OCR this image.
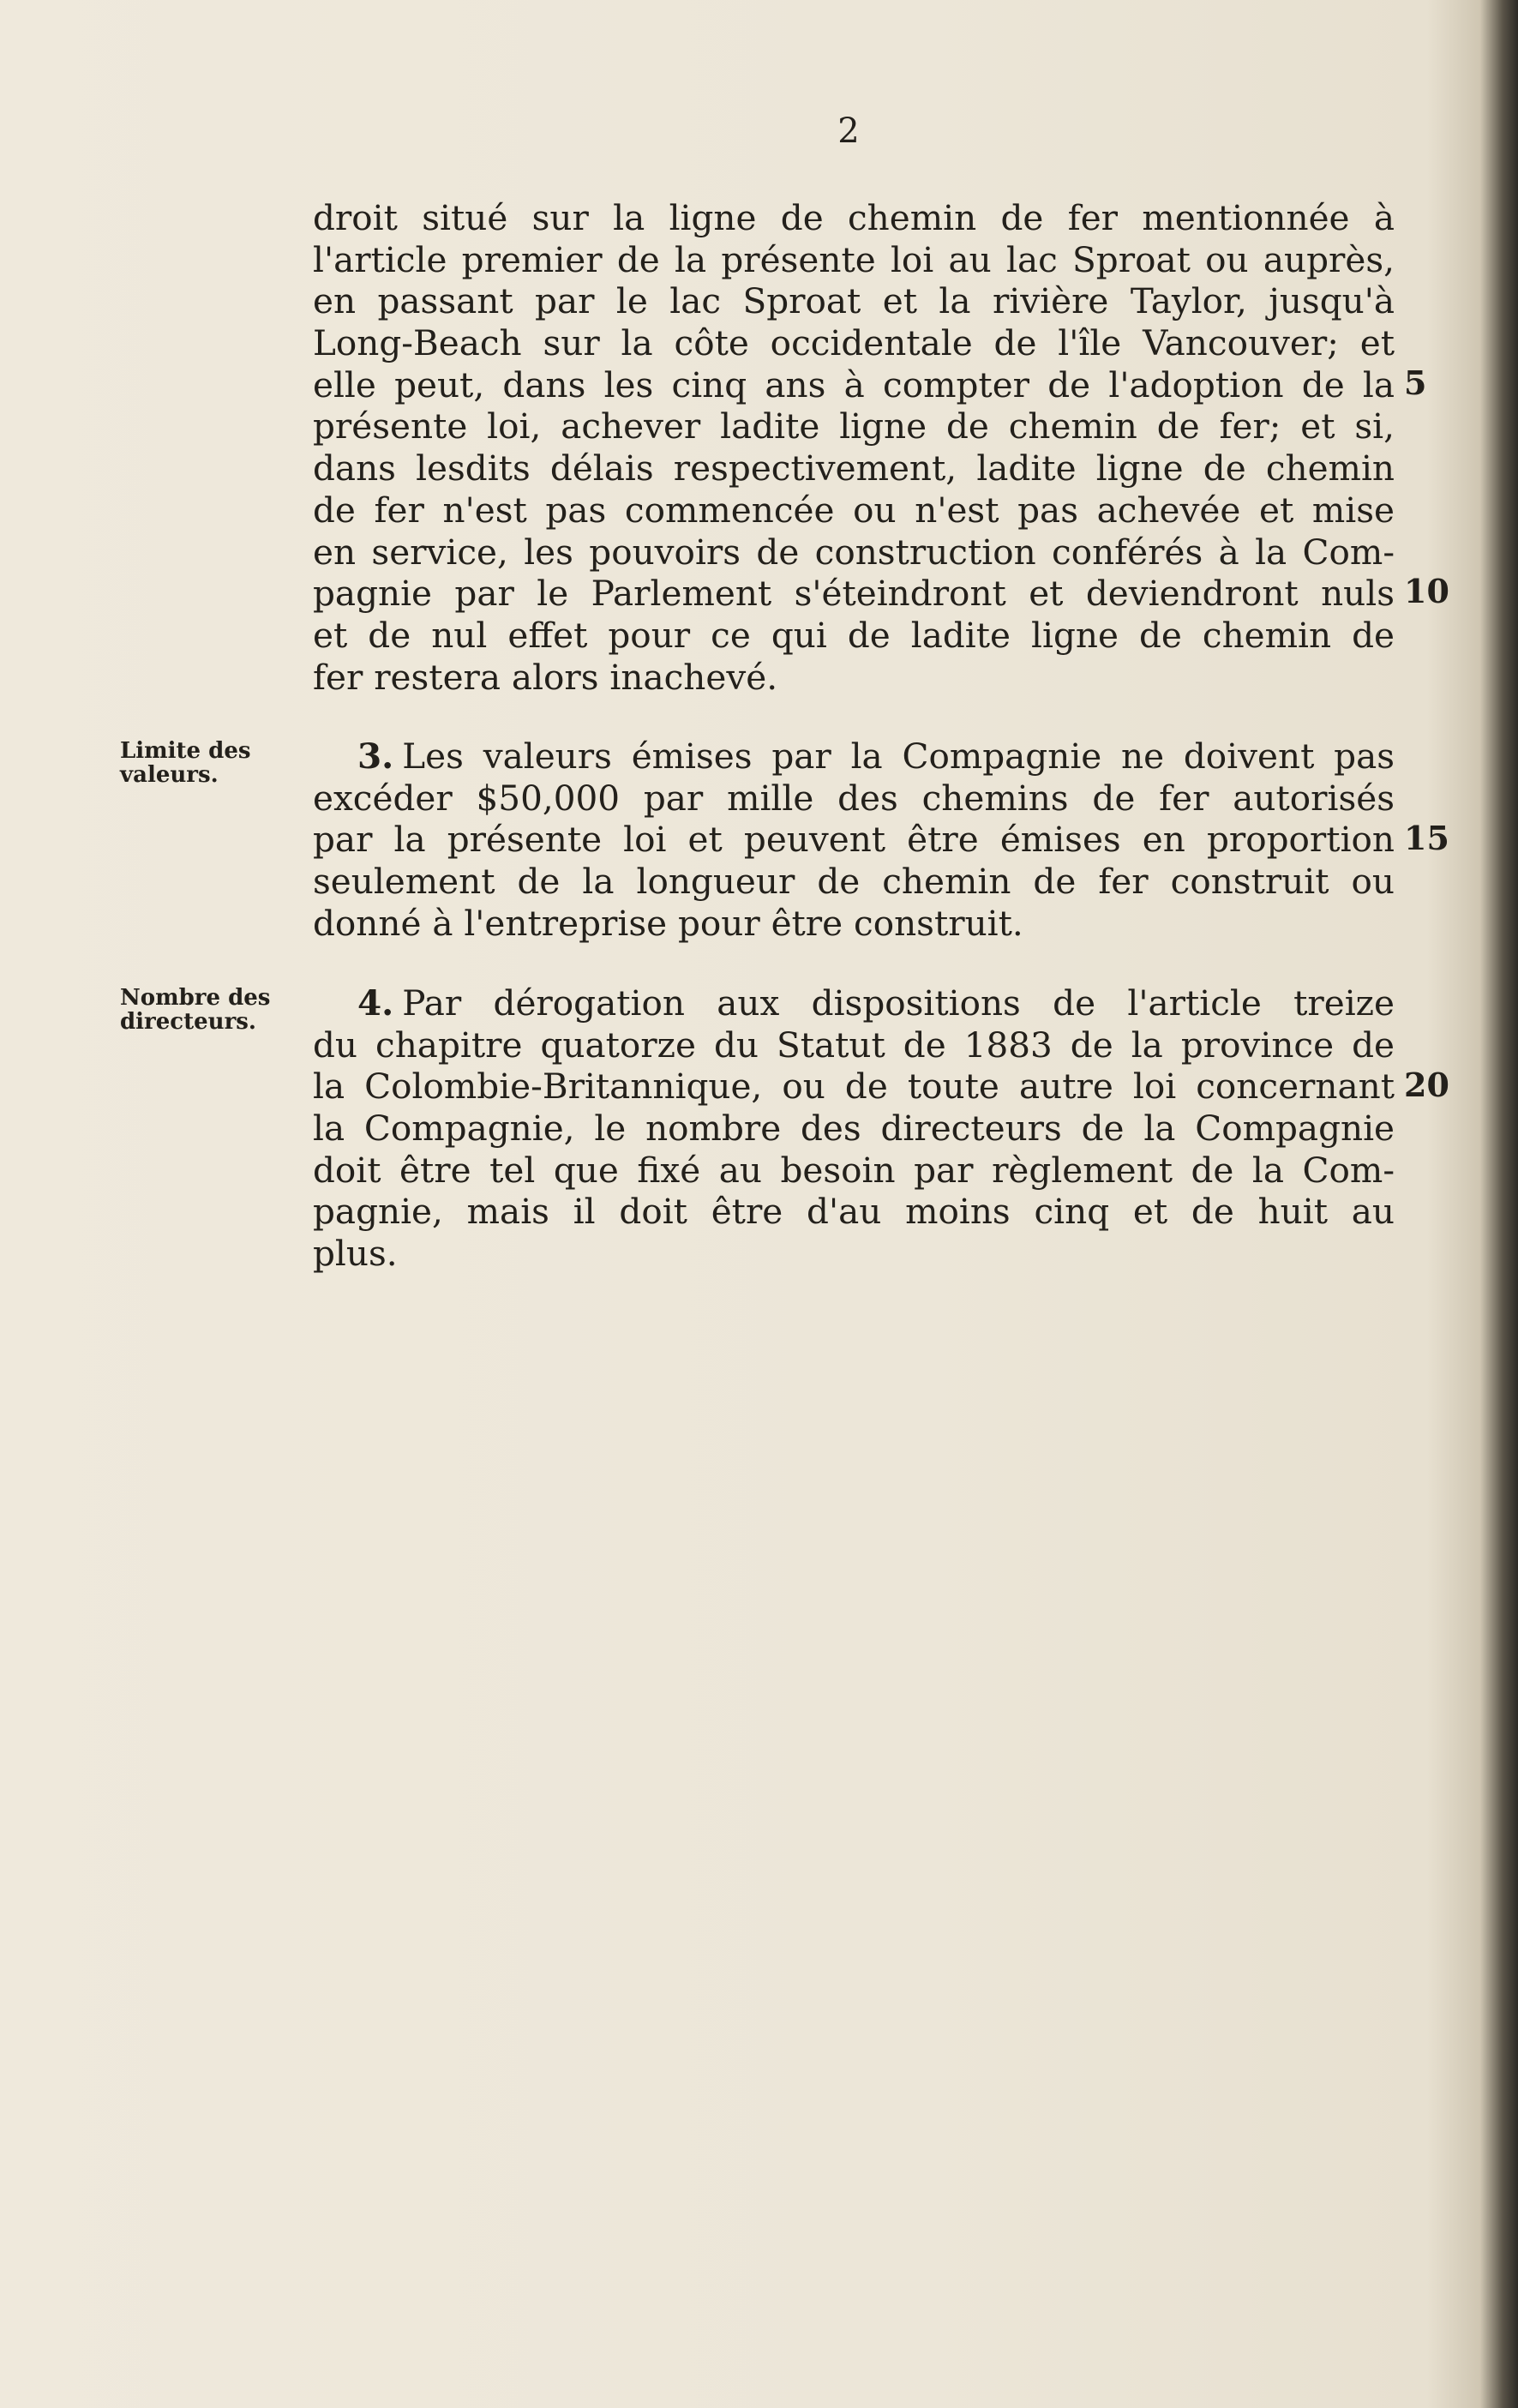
2
droit situé sur la ligne de chemin de fer mentionnée à
l'article premier de la présente loi au lac Sproat ou auprès,
en passant par le lac Sproat et la rivière Taylor, jusqu'à
Long-Beach sur la côte occidentale de l'île Vancouver; et
elle peut, dans les cinq ans à compter de l'adoption de la
présente loi, achever ladite ligne de chemin de fer; et si,
dans lesdits délais respectivement, ladite ligne de chemin
de fer n'est pas commencée ou n'est pas achevée et mise
en service, les pouvoirs de construction conférés à la Com-
pagnie par le Parlement s'éteindront et deviendront nuls
et de nul effet pour ce qui de ladite ligne de chemin de
fer restera alors inachevé.
Limite des
valeurs.	3. Les valeurs émises par la Compagnie ne doivent pas
excéder $50,000 par mille des chemins de fer autorisés
par la présente loi et peuvent être émises en proportion
seulement de la longueur de chemin de fer construit ou
donné à l'entreprise pour être construit.
Nombre des
directeurs.	4. Par dérogation aux dispositions de l'article treize
du chapitre quatorze du Statut de 1883 de la province de
la Colombie-Britannique, ou de toute autre loi concernant
la Compagnie, le nombre des directeurs de la Compagnie
doit être tel que fixé au besoin par règlement de la Com-
pagnie, mais il doit être d'au moins cinq et de huit au
plus.
5
10
15
20
